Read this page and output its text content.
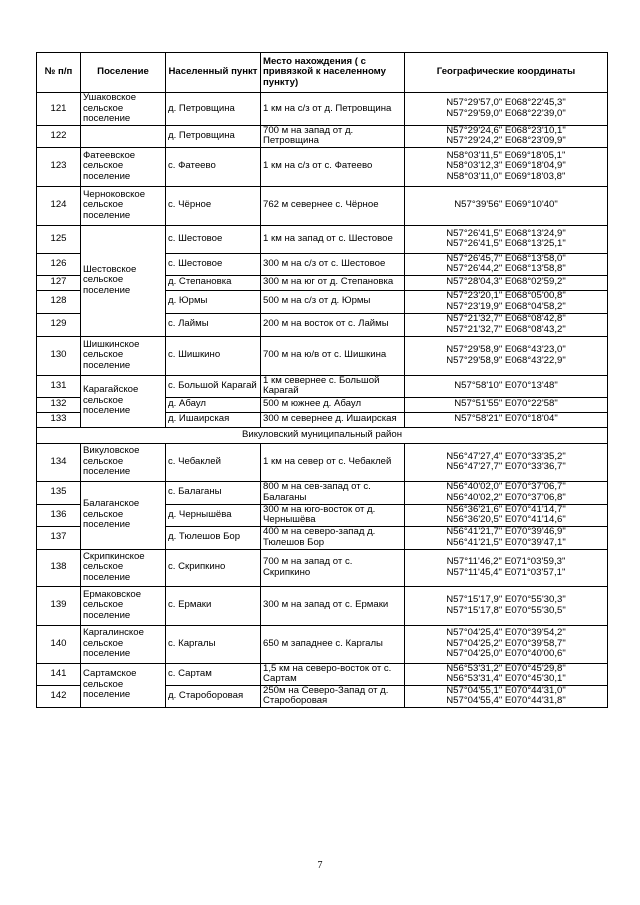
№ п/п	Поселение	Населенный пункт	Место нахождения ( с привязкой к населенному пункту)	Географические координаты
121	Ушаковское сельское поселение	д. Петровщина	1 км на с/з от д. Петровщина	N57°29'57,0" E068°22'45,3"
N57°29'59,0" E068°22'39,0"

122		д. Петровщина	700 м на запад от д. Петровщина	N57°29'24,6" E068°23'10,1"
N57°29'24,2" E068°23'09,9"

123	Фатеевское сельское поселение	с. Фатеево	1 км на с/з от с. Фатеево	N58°03'11,5" E069°18'05,1"
N58°03'12,3" E069°18'04,9"
N58°03'11,0" E069°18'03,8"

124	Черноковское сельское поселение	с. Чёрное	762 м севернее с. Чёрное	N57°39'56" E069°10'40"

125	Шестовское сельское поселение	с. Шестовое	1 км на запад от с. Шестовое	N57°26'41,5" E068°13'24,9"
N57°26'41,5" E068°13'25,1"

126		с. Шестовое	300 м на с/з от с. Шестовое	N57°26'45,7" E068°13'58,0"
N57°26'44,2" E068°13'58,8"

127		д. Степановка	300 м на юг от д. Степановка	N57°28'04,3" E068°02'59,2"

128		д. Юрмы	500 м на с/з от д. Юрмы	N57°23'20,1" E068°05'00,8"
N57°23'19,9" E068°04'58,2"

129		с. Лаймы	200 м на восток от с. Лаймы	N57°21'32,7" E068°08'42,8"
N57°21'32,7" E068°08'43,2"

130	Шишкинское сельское поселение	с. Шишкино	700 м на ю/в от с. Шишкина	N57°29'58,9" E068°43'23,0"
N57°29'58,9" E068°43'22,9"

131	Карагайское сельское поселение	с. Большой Карагай	1 км севернее с. Большой Карагай	N57°58'10" E070°13'48"

132		д. Абаул	500 м южнее д. Абаул	N57°51'55" E070°22'58"

133		д. Ишаирская	300 м севернее д. Ишаирская	N57°58'21" E070°18'04"

Викуловский муниципальный район				
134	Викуловское сельское поселение	с. Чебаклей	1 км на север от с. Чебаклей	N56°47'27,4" E070°33'35,2"
N56°47'27,7" E070°33'36,7"

135	Балаганское сельское поселение	с. Балаганы	800 м на сев-запад от с. Балаганы	N56°40'02,0" E070°37'06,7"
N56°40'02,2" E070°37'06,8"

136		д. Чернышёва	300 м на юго-восток от д. Чернышёва	N56°36'21,6" E070°41'14,7"
N56°36'20,5" E070°41'14,6"

137		д. Тюлешов Бор	400 м на северо-запад д. Тюлешов Бор	N56°41'21,7" E070°39'46,9"
N56°41'21,5" E070°39'47,1"

138	Скрипкинское сельское поселение	с. Скрипкино	700 м на запад от с. Скрипкино	N57°11'46,2" E071°03'59,3"
N57°11'45,4" E071°03'57,1"

139	Ермаковское сельское поселение	с. Ермаки	300 м на запад от с. Ермаки	N57°15'17,9" E070°55'30,3"
N57°15'17,8" E070°55'30,5"

140	Каргалинское сельское поселение	с. Каргалы	650 м западнее с. Каргалы	N57°04'25,4" E070°39'54,2"
N57°04'25,2" E070°39'58,7"
N57°04'25,0" E070°40'00,6"

141	Сартамское сельское поселение	с. Сартам	1,5 км на северо-восток от с. Сартам	N56°53'31,2" E070°45'29,8"
N56°53'31,4" E070°45'30,1"

142		д. Староборовая	250м на Северо-Запад от д. Староборовая	N57°04'55,1" E070°44'31,0"
N57°04'55,4" E070°44'31,8"
7
